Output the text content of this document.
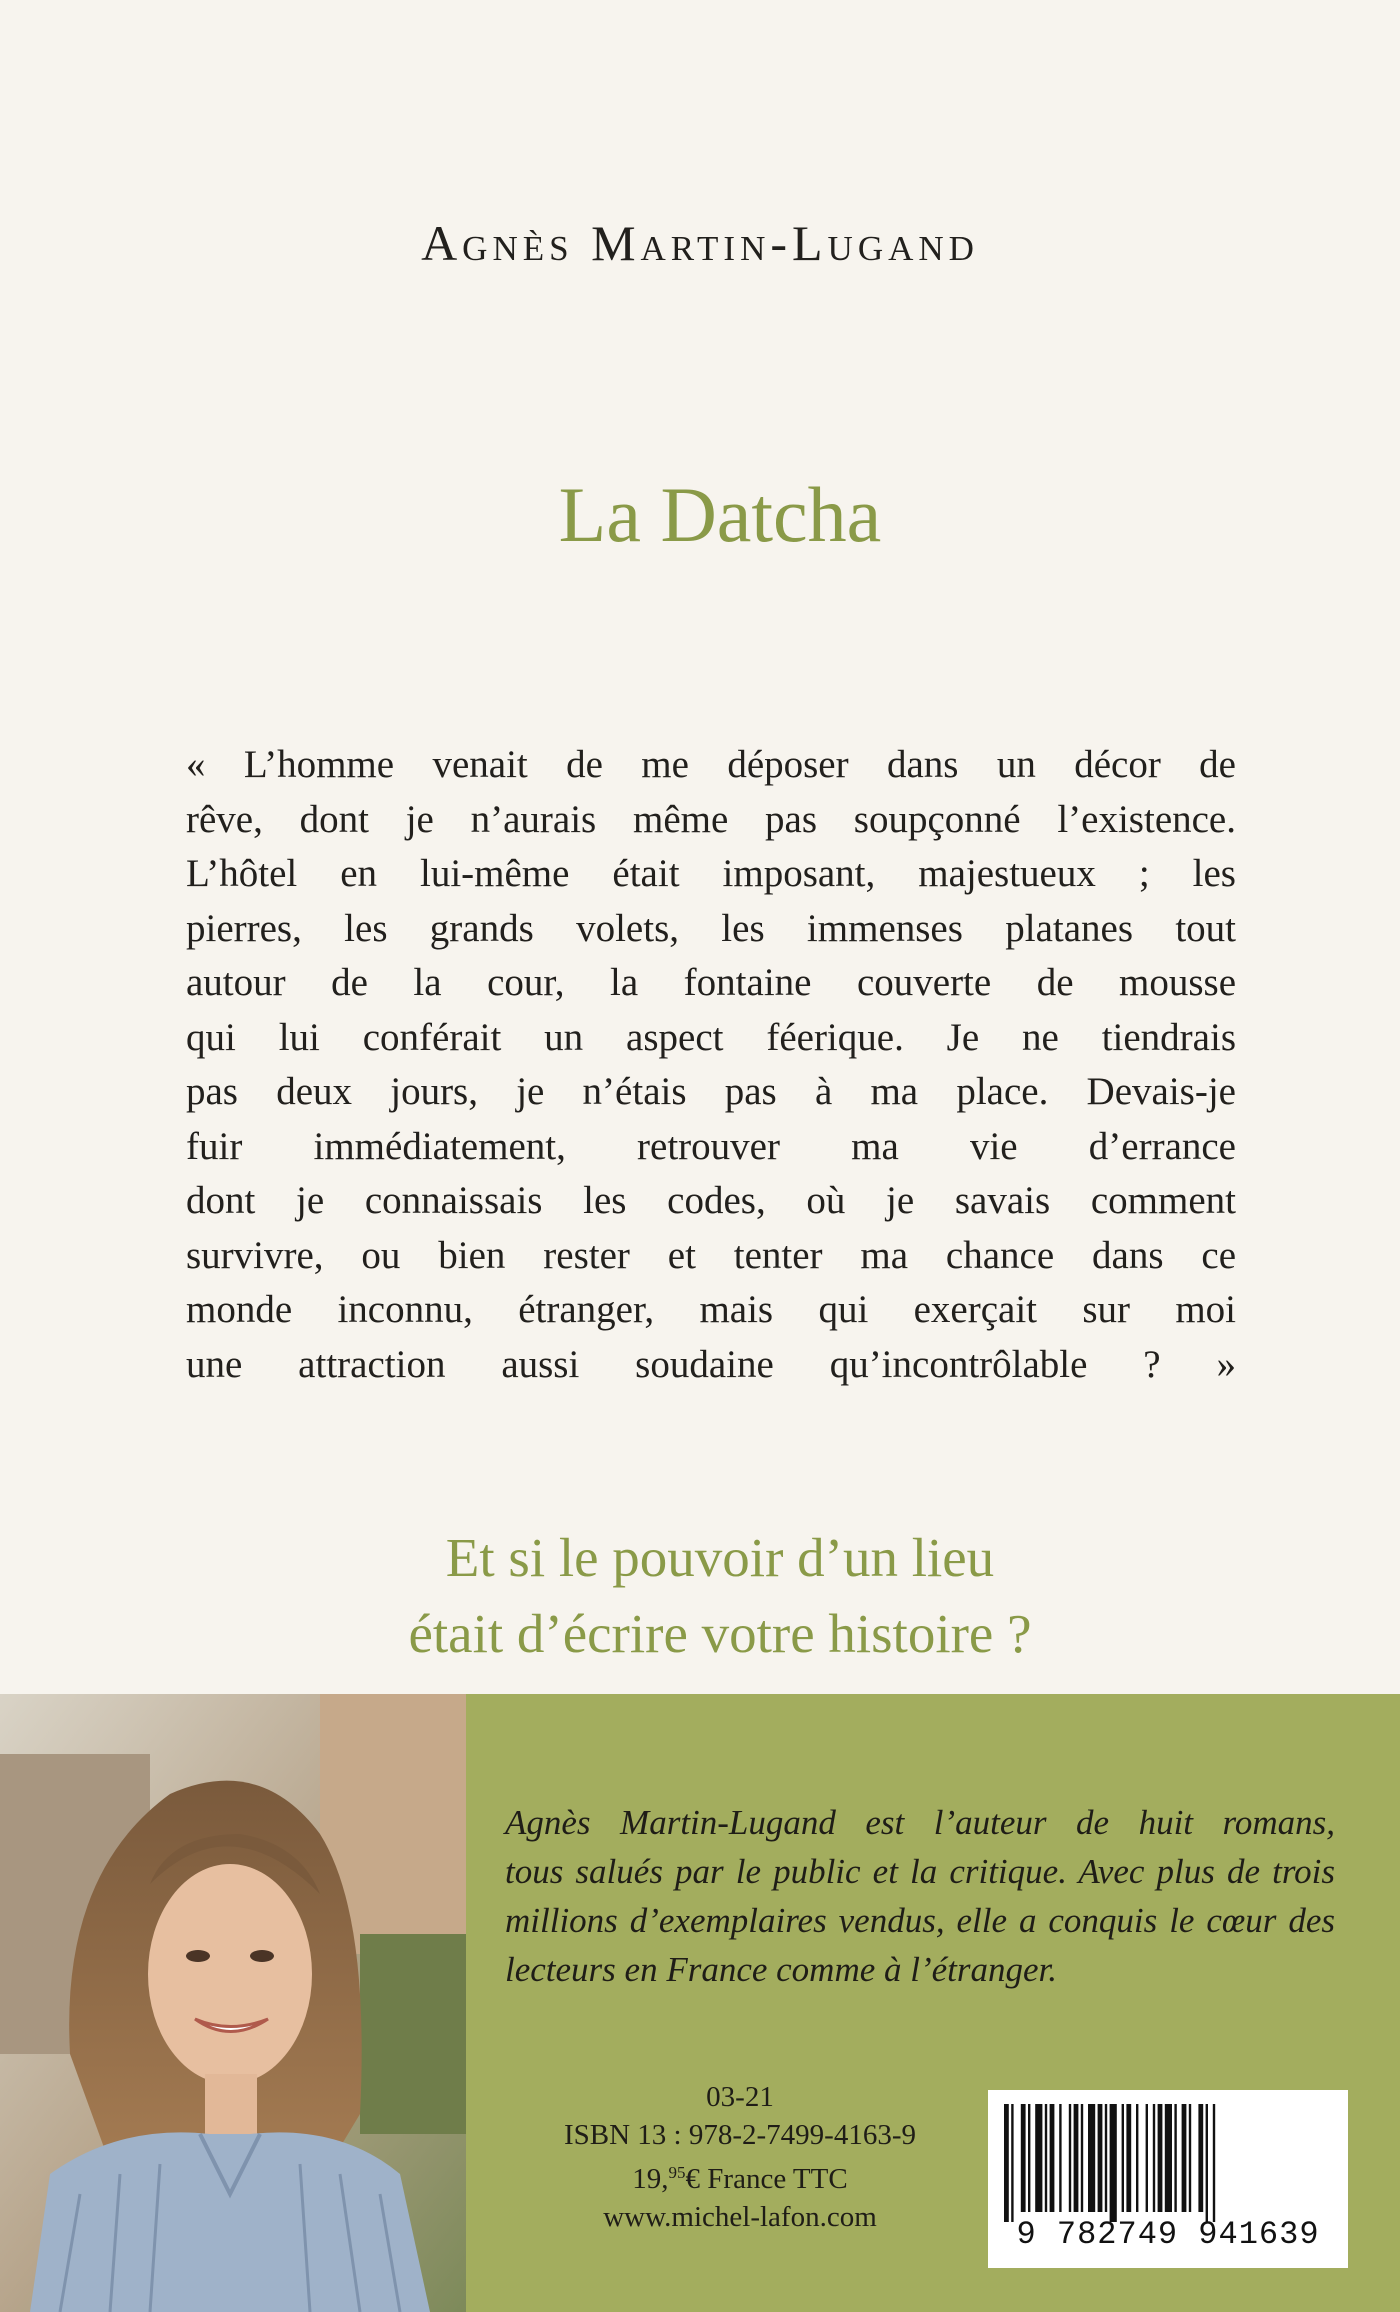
Agnès Martin-Lugand
La Datcha
« L’homme venait de me déposer dans un décor de
rêve, dont je n’aurais même pas soupçonné l’existence.
L’hôtel en lui-même était imposant, majestueux ; les
pierres, les grands volets, les immenses platanes tout
autour de la cour, la fontaine couverte de mousse
qui lui conférait un aspect féerique. Je ne tiendrais
pas deux jours, je n’étais pas à ma place. Devais-je
fuir immédiatement, retrouver ma vie d’errance
dont je connaissais les codes, où je savais comment
survivre, ou bien rester et tenter ma chance dans ce
monde inconnu, étranger, mais qui exerçait sur moi
une attraction aussi soudaine qu’incontrôlable ? »
Et si le pouvoir d’un lieu
était d’écrire votre histoire ?
Agnès Martin-Lugand est l’auteur de huit romans,
tous salués par le public et la critique. Avec plus de trois
millions d’exemplaires vendus, elle a conquis le cœur des
lecteurs en France comme à l’étranger.
03-21
ISBN 13 : 978-2-7499-4163-9
19,95€ France TTC
www.michel-lafon.com	9 782749 941639
